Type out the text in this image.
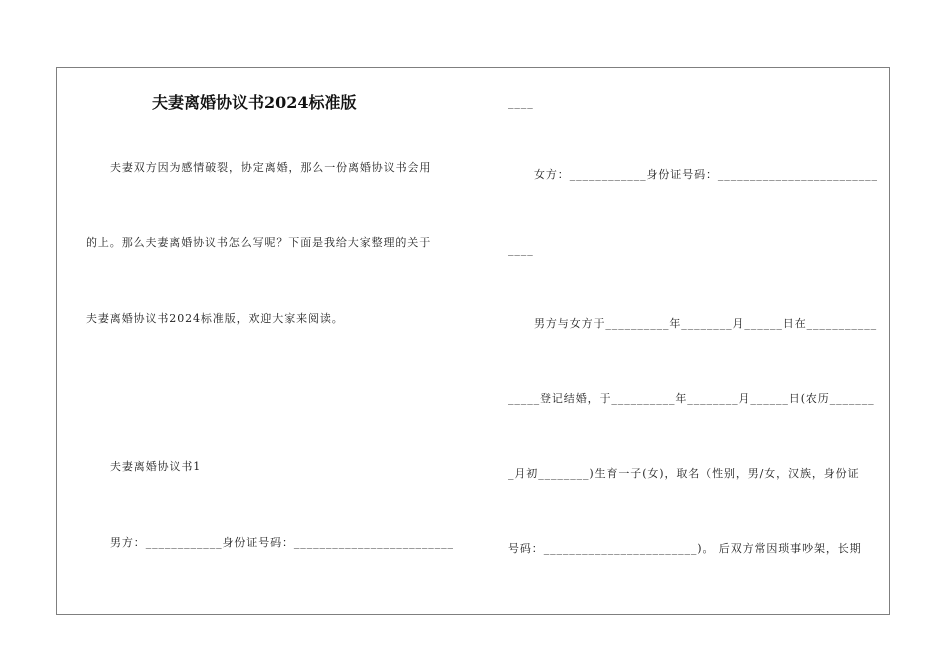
夫妻离婚协议书2024标准版
夫妻双方因为感情破裂，协定离婚，那么一份离婚协议书会用
的上。那么夫妻离婚协议书怎么写呢？下面是我给大家整理的关于
夫妻离婚协议书2024标准版，欢迎大家来阅读。
夫妻离婚协议书1
男方：____________身份证号码：_________________________
____
女方：____________身份证号码：_________________________
____
男方与女方于__________年________月______日在___________
_____登记结婚，于__________年________月______日(农历_______
_月初________)生育一子(女)，取名（性别，男/女，汉族，身份证
号码：________________________)。 后双方常因琐事吵架，长期
